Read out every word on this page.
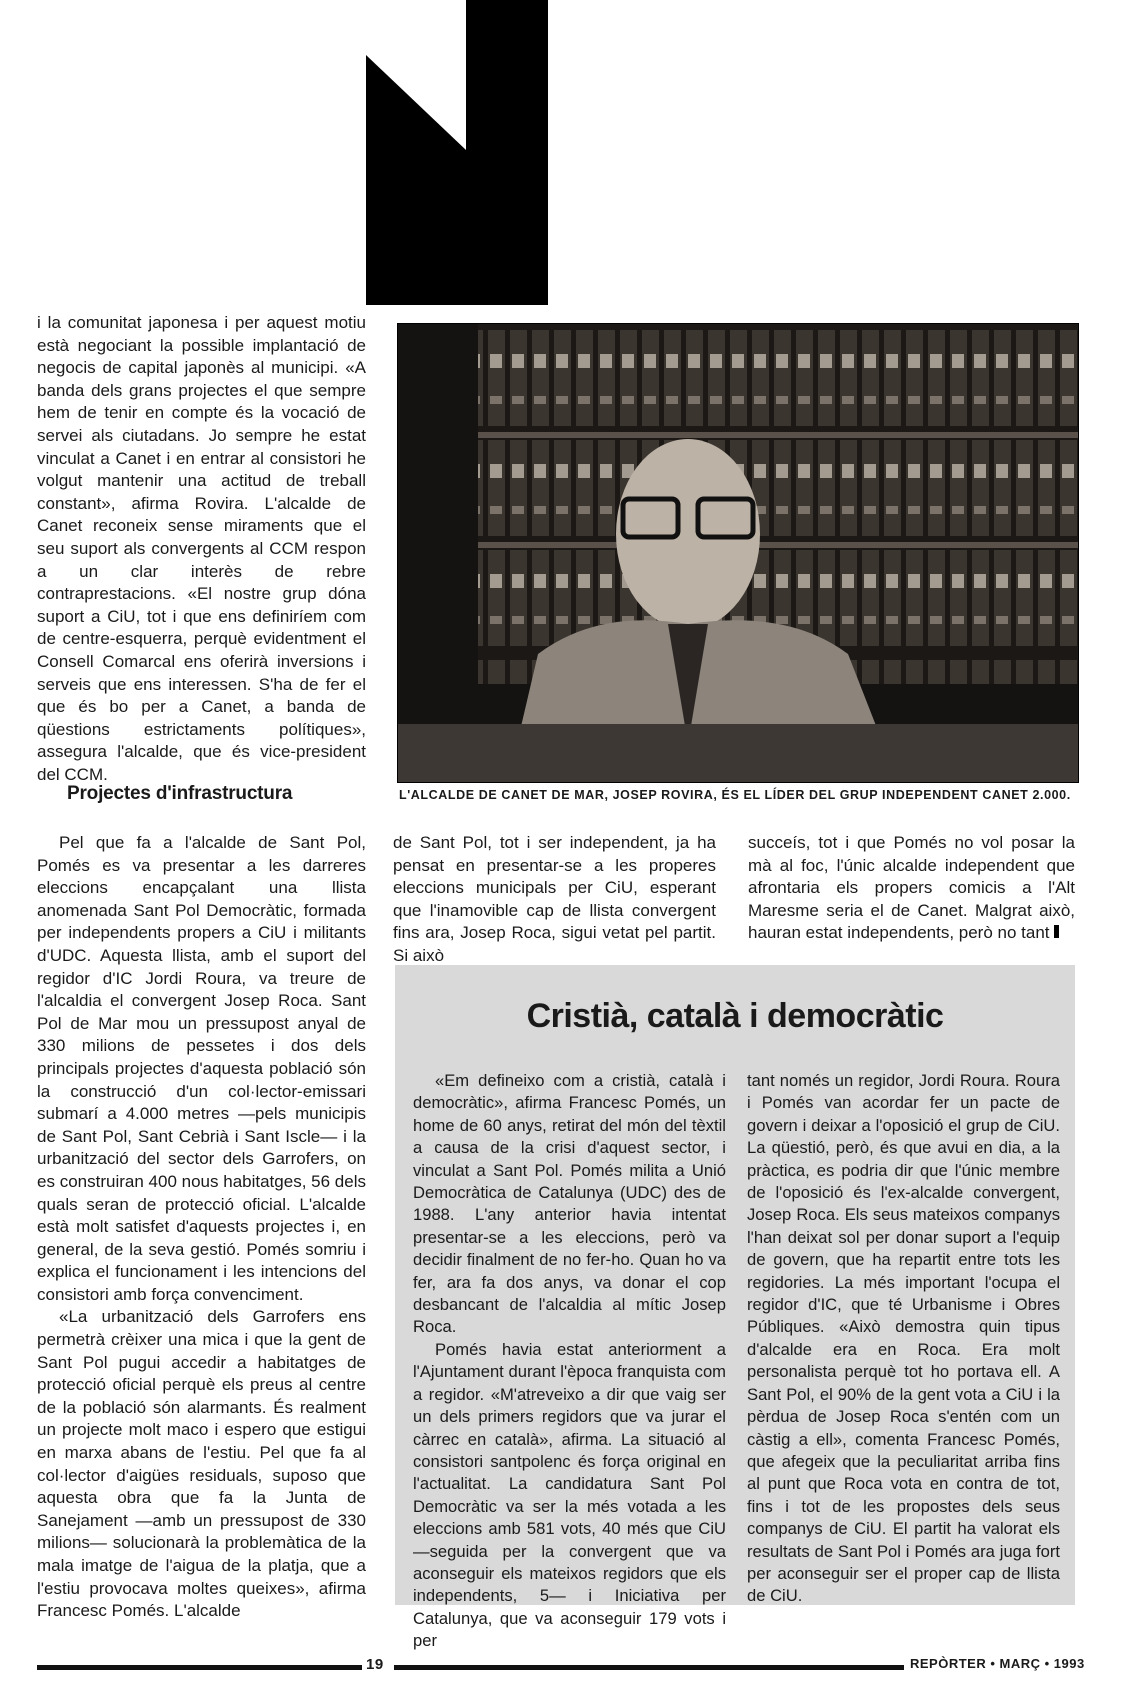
i la comunitat japonesa i per aquest motiu està negociant la possible implantació de negocis de capital japonès al municipi. «A banda dels grans projectes el que sempre hem de tenir en compte és la vocació de servei als ciutadans. Jo sempre he estat vinculat a Canet i en entrar al consistori he volgut mantenir una actitud de treball constant», afirma Rovira. L'alcalde de Canet reconeix sense miraments que el seu suport als convergents al CCM respon a un clar interès de rebre contraprestacions. «El nostre grup dóna suport a CiU, tot i que ens definiríem com de centre-esquerra, perquè evidentment el Consell Comarcal ens oferirà inversions i serveis que ens interessen. S'ha de fer el que és bo per a Canet, a banda de qüestions estrictaments polítiques», assegura l'alcalde, que és vice-president del CCM.

L'ALCALDE DE CANET DE MAR, JOSEP ROVIRA, ÉS EL LÍDER DEL GRUP INDEPENDENT CANET 2.000.
Projectes d'infrastructura

Pel que fa a l'alcalde de Sant Pol, Pomés es va presentar a les darreres eleccions encapçalant una llista anomenada Sant Pol Democràtic, formada per independents propers a CiU i militants d'UDC. Aquesta llista, amb el suport del regidor d'IC Jordi Roura, va treure de l'alcaldia el convergent Josep Roca. Sant Pol de Mar mou un pressupost anyal de 330 milions de pessetes i dos dels principals projectes d'aquesta població són la construcció d'un col·lector-emissari submarí a 4.000 metres —pels municipis de Sant Pol, Sant Cebrià i Sant Iscle— i la urbanització del sector dels Garrofers, on es construiran 400 nous habitatges, 56 dels quals seran de protecció oficial. L'alcalde està molt satisfet d'aquests projectes i, en general, de la seva gestió. Pomés somriu i explica el funcionament i les intencions del consistori amb força convenciment.

«La urbanització dels Garrofers ens permetrà crèixer una mica i que la gent de Sant Pol pugui accedir a habitatges de protecció oficial perquè els preus al centre de la població són alarmants. És realment un projecte molt maco i espero que estigui en marxa abans de l'estiu. Pel que fa al col·lector d'aigües residuals, suposo que aquesta obra que fa la Junta de Sanejament —amb un pressupost de 330 milions— solucionarà la problemàtica de la mala imatge de l'aigua de la platja, que a l'estiu provocava moltes queixes», afirma Francesc Pomés. L'alcalde

de Sant Pol, tot i ser independent, ja ha pensat en presentar-se a les properes eleccions municipals per CiU, esperant que l'inamovible cap de llista convergent fins ara, Josep Roca, sigui vetat pel partit. Si això

succeís, tot i que Pomés no vol posar la mà al foc, l'únic alcalde independent que afrontaria els propers comicis a l'Alt Maresme seria el de Canet. Malgrat això, hauran estat independents, però no tant

Cristià, català i democràtic

«Em defineixo com a cristià, català i democràtic», afirma Francesc Pomés, un home de 60 anys, retirat del món del tèxtil a causa de la crisi d'aquest sector, i vinculat a Sant Pol. Pomés milita a Unió Democràtica de Catalunya (UDC) des de 1988. L'any anterior havia intentat presentar-se a les eleccions, però va decidir finalment de no fer-ho. Quan ho va fer, ara fa dos anys, va donar el cop desbancant de l'alcaldia al mític Josep Roca.

Pomés havia estat anteriorment a l'Ajuntament durant l'època franquista com a regidor. «M'atreveixo a dir que vaig ser un dels primers regidors que va jurar el càrrec en català», afirma. La situació al consistori santpolenc és força original en l'actualitat. La candidatura Sant Pol Democràtic va ser la més votada a les eleccions amb 581 vots, 40 més que CiU —seguida per la convergent que va aconseguir els mateixos regidors que els independents, 5— i Iniciativa per Catalunya, que va aconseguir 179 vots i per

tant només un regidor, Jordi Roura. Roura i Pomés van acordar fer un pacte de govern i deixar a l'oposició el grup de CiU. La qüestió, però, és que avui en dia, a la pràctica, es podria dir que l'únic membre de l'oposició és l'ex-alcalde convergent, Josep Roca. Els seus mateixos companys l'han deixat sol per donar suport a l'equip de govern, que ha repartit entre tots les regidories. La més important l'ocupa el regidor d'IC, que té Urbanisme i Obres Públiques. «Això demostra quin tipus d'alcalde era en Roca. Era molt personalista perquè tot ho portava ell. A Sant Pol, el 90% de la gent vota a CiU i la pèrdua de Josep Roca s'entén com un càstig a ell», comenta Francesc Pomés, que afegeix que la peculiaritat arriba fins al punt que Roca vota en contra de tot, fins i tot de les propostes dels seus companys de CiU. El partit ha valorat els resultats de Sant Pol i Pomés ara juga fort per aconseguir ser el proper cap de llista de CiU.

19	REPÒRTER • MARÇ • 1993
